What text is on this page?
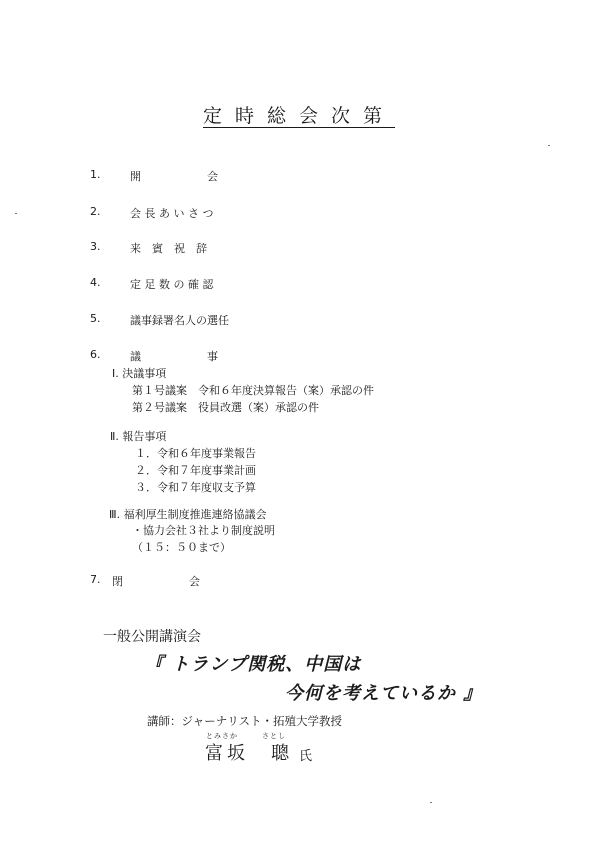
定時総会次第
1.	開　　　　　　会
2.	会 長 あ い さ つ
3.	来　賓　祝　辞
4.	定 足 数 の 確 認
5.	議事録署名人の選任
6.	議　　　　　　事
Ⅰ. 決議事項
第１号議案　令和６年度決算報告（案）承認の件
第２号議案　役員改選（案）承認の件
Ⅱ. 報告事項
１．令和６年度事業報告
２．令和７年度事業計画
３．令和７年度収支予算
Ⅲ. 福利厚生制度推進連絡協議会
・協力会社３社より制度説明
（１５：５０まで）
7. 閉　　　　　　会
一般公開講演会
『 トランプ関税、中国は
今何を考えているか 』
講師：ジャーナリスト・拓殖大学教授
とみさか	さとし
富坂　聰 氏
